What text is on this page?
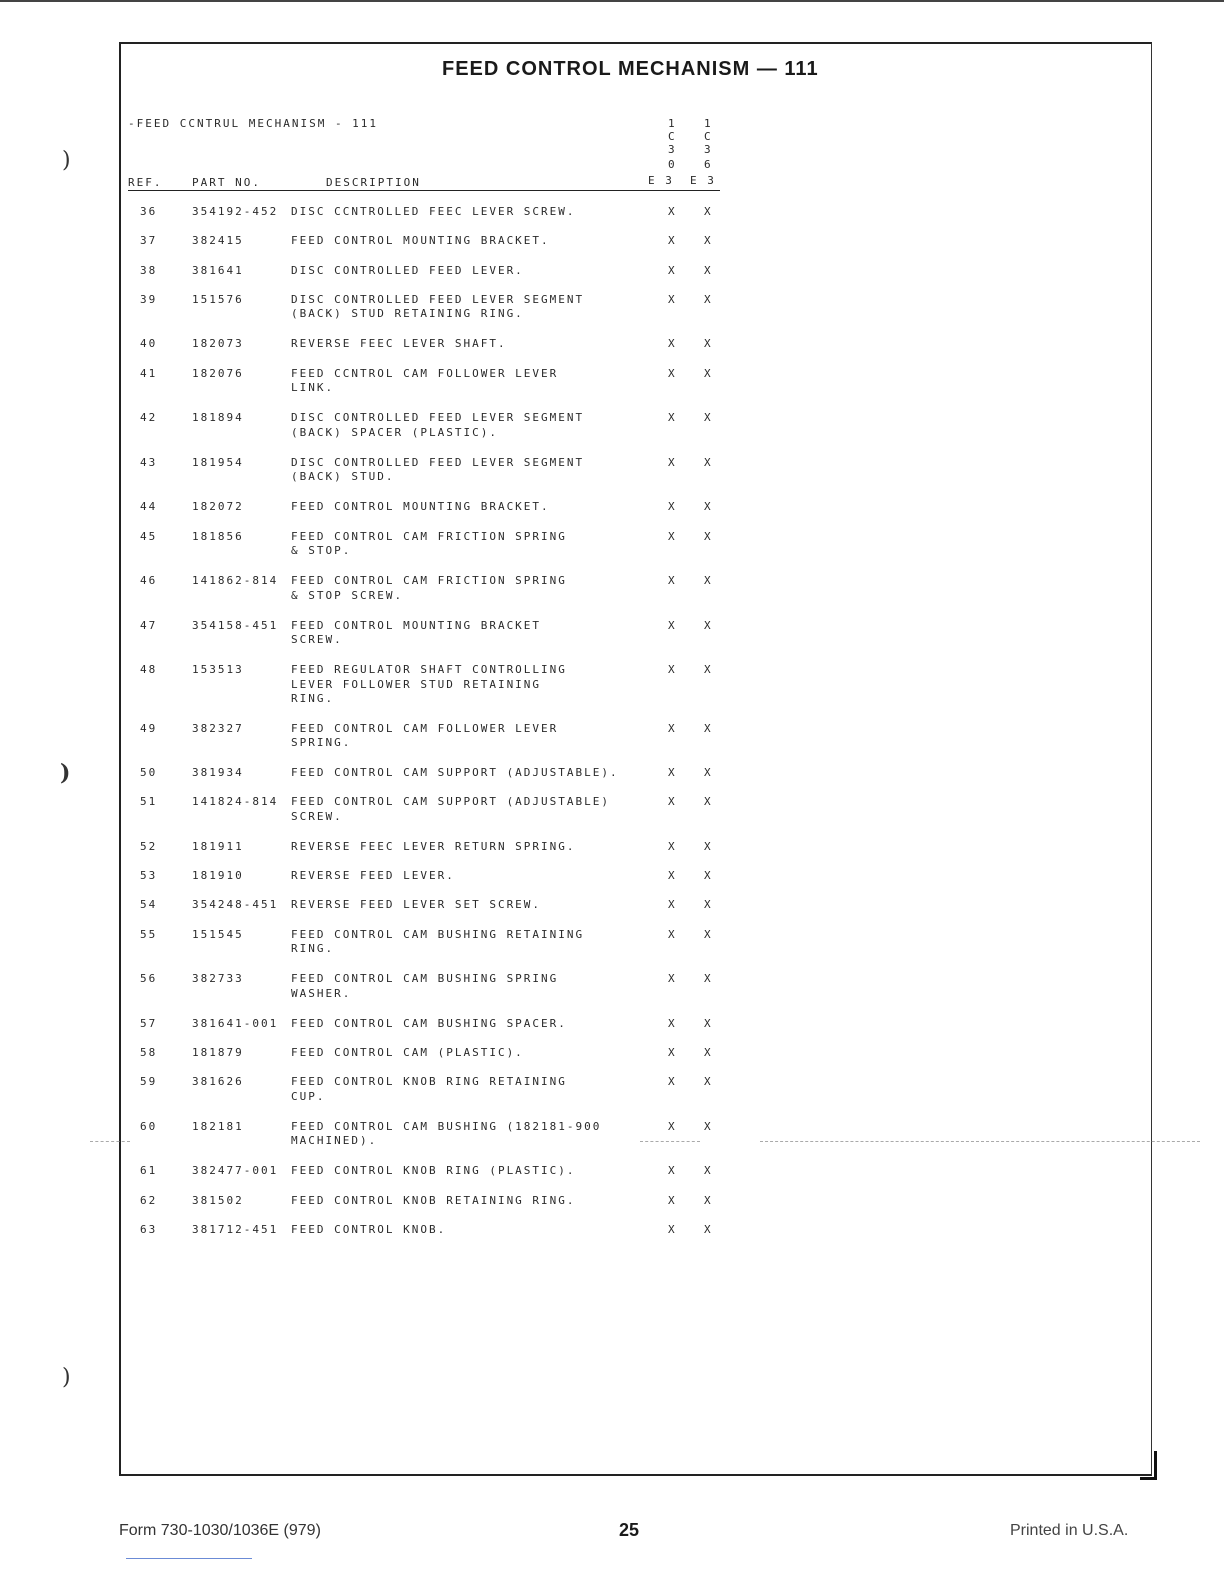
FEED CONTROL MECHANISM — 111
-FEED CCNTRUL MECHANISM - 111
REF.	PART NO.	DESCRIPTION
1
C
3
0
E 3
1
C
3
6
E 3
36	354192-452 DISC CCNTROLLED FEEC LEVER SCREW.	X X
37	382415	FEED CONTROL MOUNTING BRACKET.	X X
38	381641	DISC CONTROLLED FEED LEVER.	X X
39	151576	DISC CONTROLLED FEED LEVER SEGMENT
(BACK) STUD RETAINING RING.
X X
40	182073	REVERSE FEEC LEVER SHAFT.	X X
41	182076	FEED CCNTROL CAM FOLLOWER LEVER
LINK.
X X
42	181894	DISC CONTROLLED FEED LEVER SEGMENT
(BACK) SPACER (PLASTIC).
X X
43	181954	DISC CONTROLLED FEED LEVER SEGMENT
(BACK) STUD.
X X
44	182072	FEED CONTROL MOUNTING BRACKET.	X X
45	181856	FEED CONTROL CAM FRICTION SPRING
& STOP.
X X
46	141862-814 FEED CONTROL CAM FRICTION SPRING
& STOP SCREW.
X X
47	354158-451 FEED CONTROL MOUNTING BRACKET
SCREW.
X X
48	153513	FEED REGULATOR SHAFT CONTROLLING
LEVER FOLLOWER STUD RETAINING
RING.
X X
49	382327	FEED CONTROL CAM FOLLOWER LEVER
SPRING.
X X
50	381934	FEED CONTROL CAM SUPPORT (ADJUSTABLE).	X X
51	141824-814 FEED CONTROL CAM SUPPORT (ADJUSTABLE)
SCREW.
X X
52	181911	REVERSE FEEC LEVER RETURN SPRING.	X X
53	181910	REVERSE FEED LEVER.	X X
54	354248-451 REVERSE FEED LEVER SET SCREW.	X X
55	151545	FEED CONTROL CAM BUSHING RETAINING
RING.
X X
56	382733	FEED CONTROL CAM BUSHING SPRING
WASHER.
X X
57	381641-001 FEED CONTROL CAM BUSHING SPACER.	X X
58	181879	FEED CONTROL CAM (PLASTIC).	X X
59	381626	FEED CONTROL KNOB RING RETAINING
CUP.
X X
60	182181	FEED CONTROL CAM BUSHING (182181-900
MACHINED).
X X
61	382477-001 FEED CONTROL KNOB RING (PLASTIC).	X X
62	381502	FEED CONTROL KNOB RETAINING RING.	X X
63	381712-451 FEED CONTROL KNOB.	X X
)
)
)
Form 730-1030/1036E (979)	25	Printed in U.S.A.
